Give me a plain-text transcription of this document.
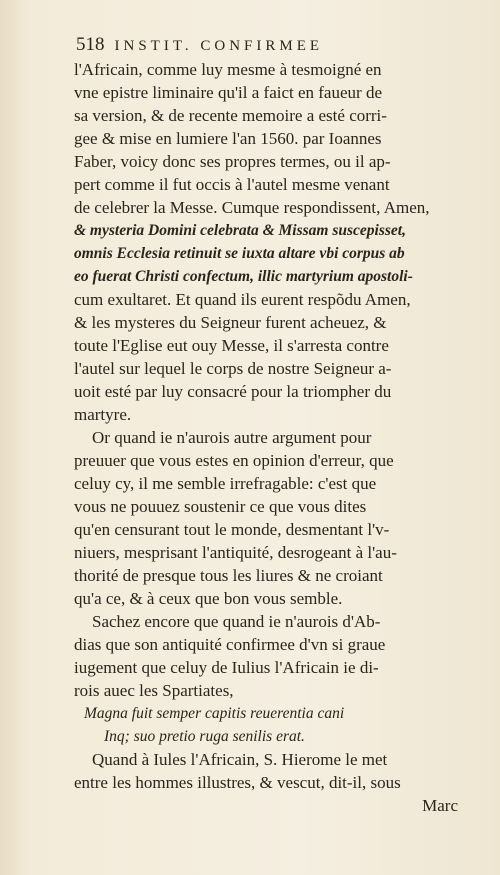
518 INSTIT. CONFIRMEE
l'Africain, comme luy mesme à tesmoigné en
vne epistre liminaire qu'il a faict en faueur de
sa version, & de recente memoire a esté corri-
gee & mise en lumiere l'an 1560. par Ioannes
Faber, voicy donc ses propres termes, ou il ap-
pert comme il fut occis à l'autel mesme venant
de celebrer la Messe. Cumque respondissent, Amen,
& mysteria Domini celebrata & Missam suscepisset,
omnis Ecclesia retinuit se iuxta altare vbi corpus ab
eo fuerat Christi confectum, illic martyrium apostoli-
cum exultaret. Et quand ils eurent respõdu Amen,
& les mysteres du Seigneur furent acheuez, &
toute l'Eglise eut ouy Messe, il s'arresta contre
l'autel sur lequel le corps de nostre Seigneur a-
uoit esté par luy consacré pour la triompher du
martyre.
Or quand ie n'aurois autre argument pour
preuuer que vous estes en opinion d'erreur, que
celuy cy, il me semble irrefragable: c'est que
vous ne pouuez soustenir ce que vous dites
qu'en censurant tout le monde, desmentant l'v-
niuers, mesprisant l'antiquité, desrogeant à l'au-
thorité de presque tous les liures & ne croiant
qu'a ce, & à ceux que bon vous semble.
Sachez encore que quand ie n'aurois d'Ab-
dias que son antiquité confirmee d'vn si graue
iugement que celuy de Iulius l'Africain ie di-
rois auec les Spartiates,
Magna fuit semper capitis reuerentia cani
Inq; suo pretio ruga senilis erat.
Quand à Iules l'Africain, S. Hierome le met
entre les hommes illustres, & vescut, dit-il, sous
Marc
